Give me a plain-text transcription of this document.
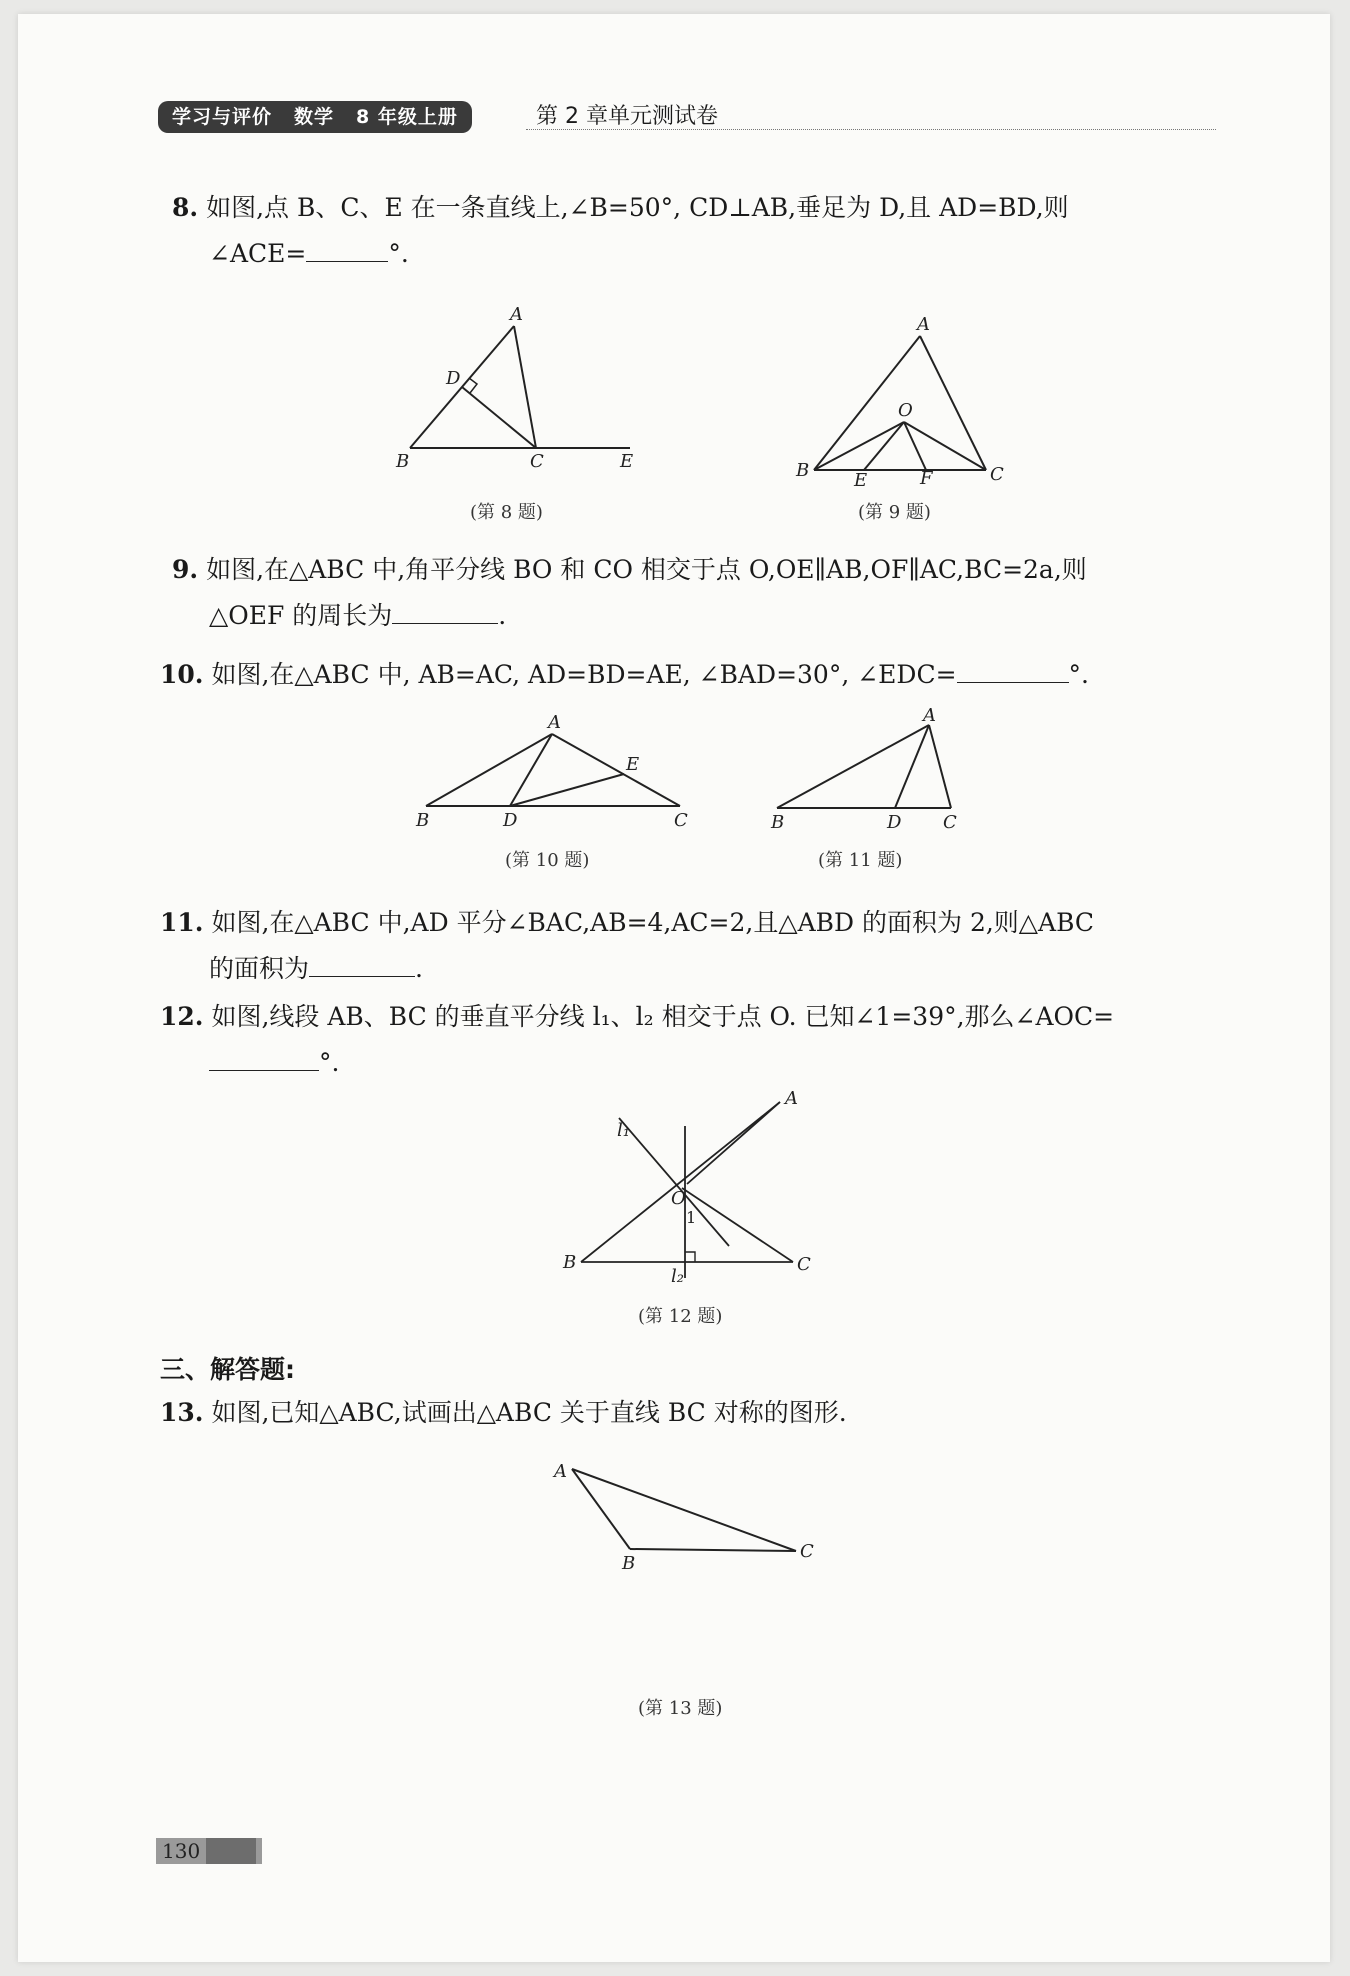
学习与评价 数学 8 年级上册	第 2 章单元测试卷
8. 如图,点 B、C、E 在一条直线上,∠B=50°, CD⊥AB,垂足为 D,且 AD=BD,则
∠ACE=	°.
A
D
B	C	E
(第 8 题)
A
O
B	C
E	F
(第 9 题)
9. 如图,在△ABC 中,角平分线 BO 和 CO 相交于点 O,OE∥AB,OF∥AC,BC=2a,则
△OEF 的周长为	.
10. 如图,在△ABC 中, AB=AC, AD=BD=AE, ∠BAD=30°, ∠EDC=	°.
A
E
B	D	C
(第 10 题)
A
B	D C
(第 11 题)
11. 如图,在△ABC 中,AD 平分∠BAC,AB=4,AC=2,且△ABD 的面积为 2,则△ABC
的面积为	.
12. 如图,线段 AB、BC 的垂直平分线 l₁、l₂ 相交于点 O. 已知∠1=39°,那么∠AOC=
°.
A
l₁
O
1
B	C
l₂
(第 12 题)
三、解答题:
13. 如图,已知△ABC,试画出△ABC 关于直线 BC 对称的图形.
A
B
C
(第 13 题)
130
